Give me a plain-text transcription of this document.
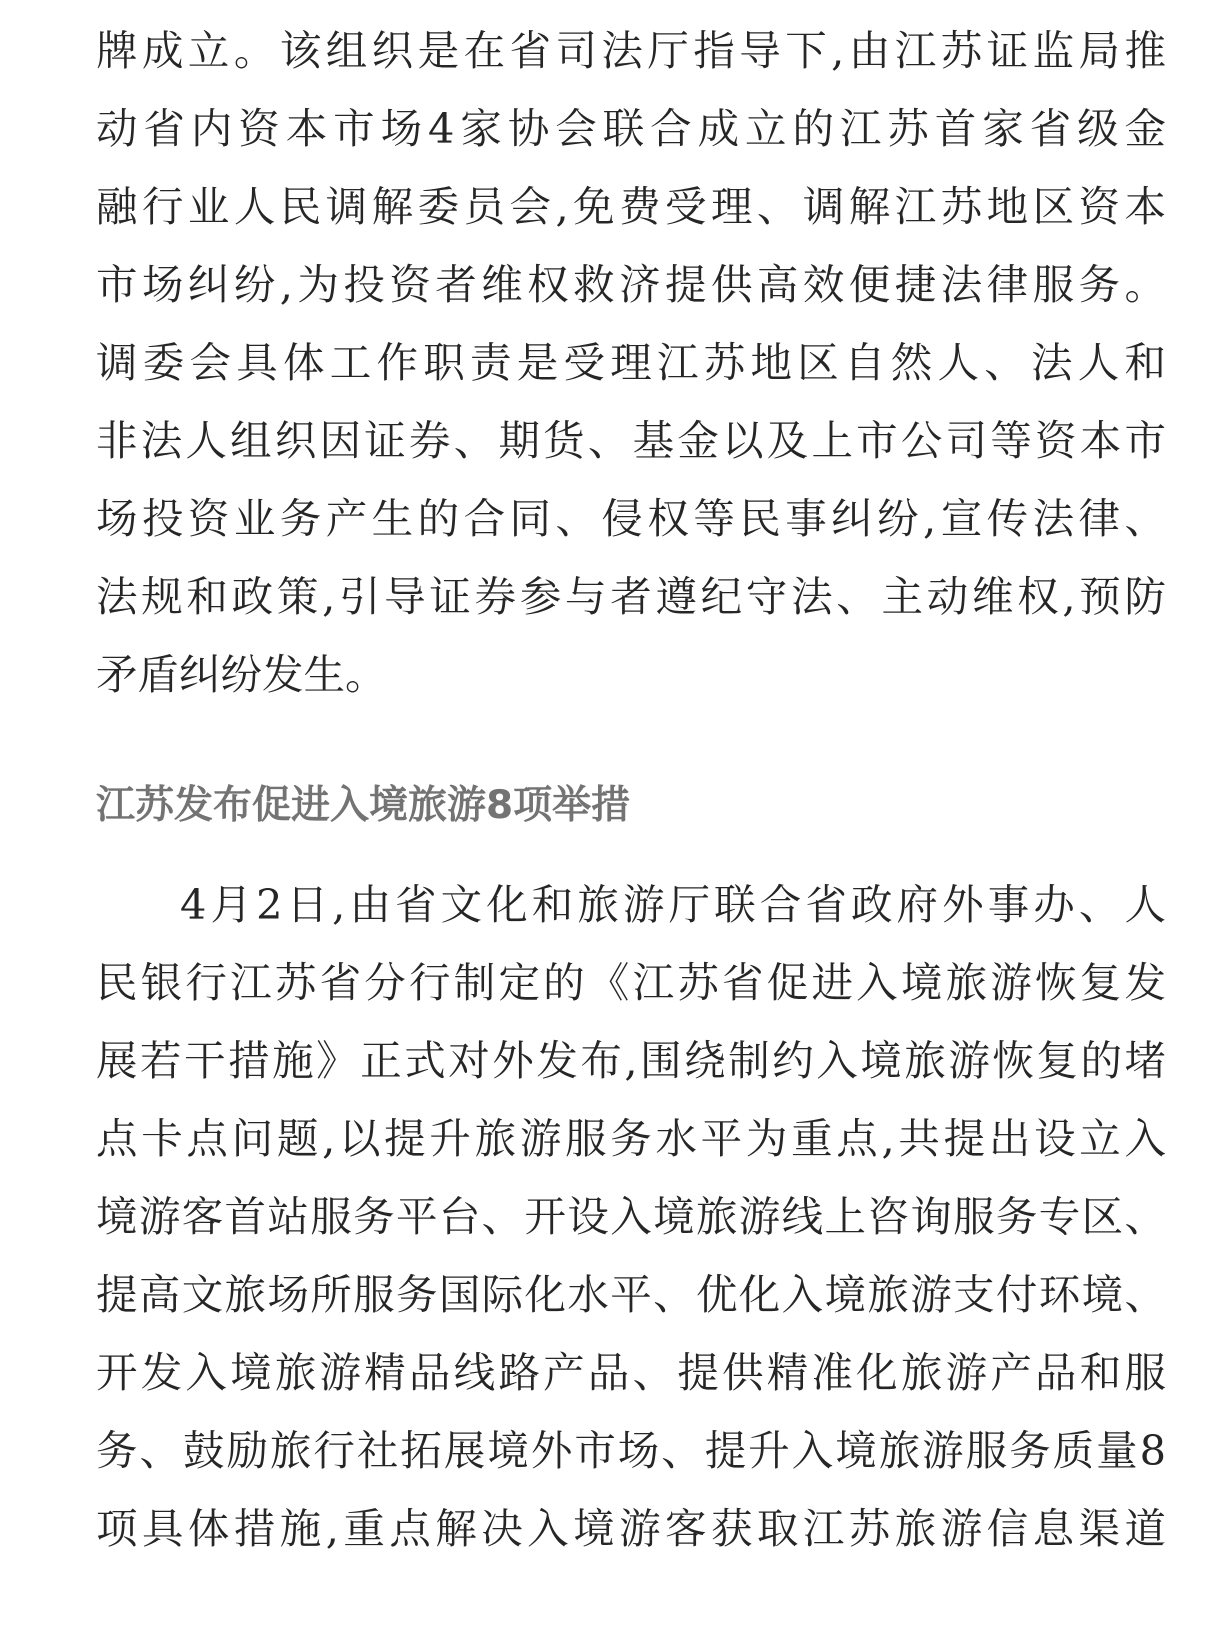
牌成立。该组织是在省司法厅指导下,由江苏证监局推

动省内资本市场4家协会联合成立的江苏首家省级金

融行业人民调解委员会,免费受理、调解江苏地区资本

市场纠纷,为投资者维权救济提供高效便捷法律服务。

调委会具体工作职责是受理江苏地区自然人、法人和

非法人组织因证券、期货、基金以及上市公司等资本市

场投资业务产生的合同、侵权等民事纠纷,宣传法律、

法规和政策,引导证券参与者遵纪守法、主动维权,预防

矛盾纠纷发生。

江苏发布促进入境旅游8项举措

4月2日,由省文化和旅游厅联合省政府外事办、人

民银行江苏省分行制定的《江苏省促进入境旅游恢复发

展若干措施》正式对外发布,围绕制约入境旅游恢复的堵

点卡点问题,以提升旅游服务水平为重点,共提出设立入

境游客首站服务平台、开设入境旅游线上咨询服务专区、

提高文旅场所服务国际化水平、优化入境旅游支付环境、

开发入境旅游精品线路产品、提供精准化旅游产品和服

务、鼓励旅行社拓展境外市场、提升入境旅游服务质量8

项具体措施,重点解决入境游客获取江苏旅游信息渠道
